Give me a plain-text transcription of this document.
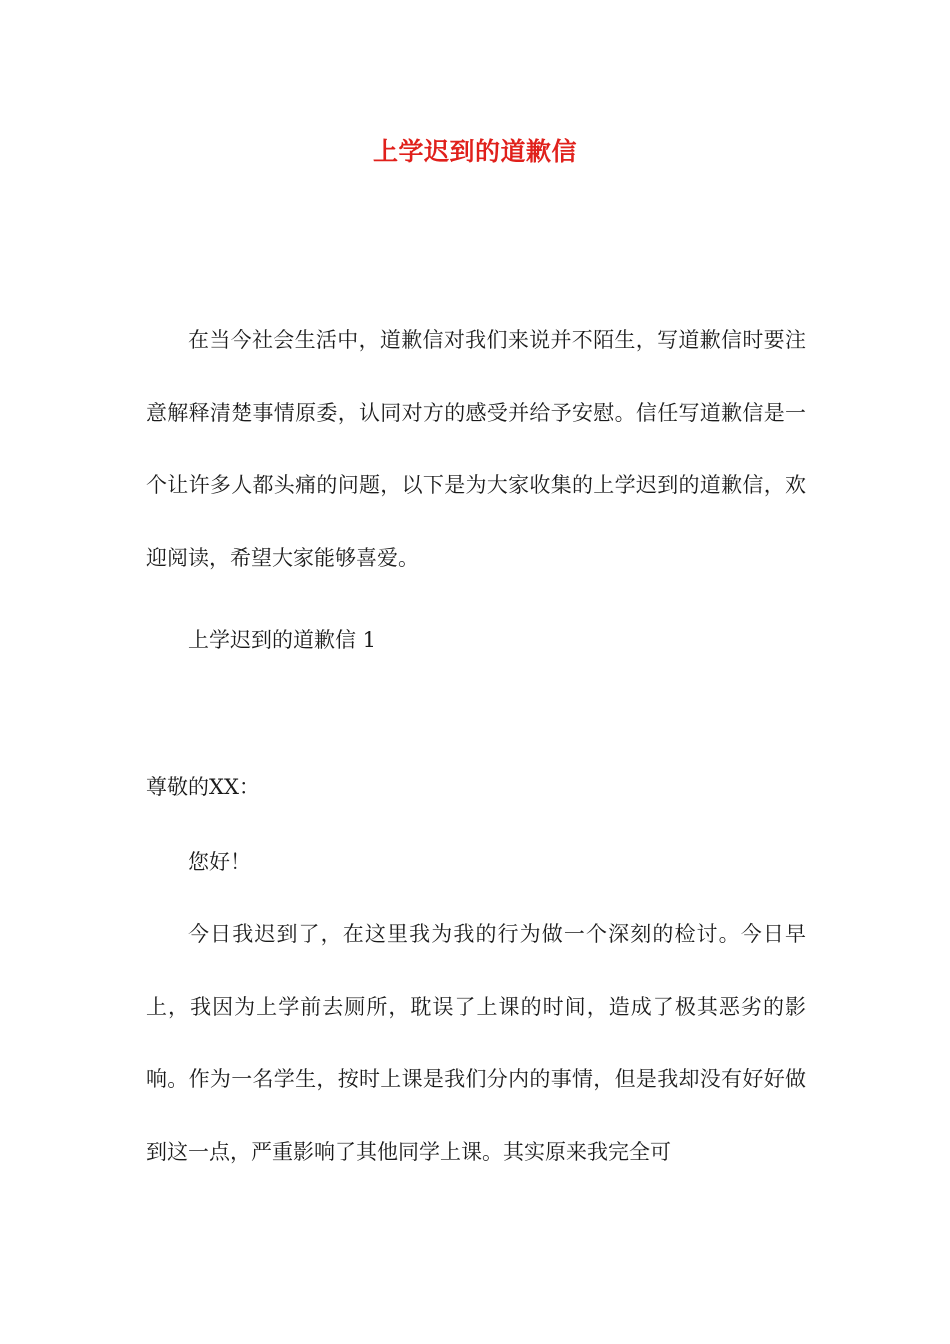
上学迟到的道歉信

在当今社会生活中，道歉信对我们来说并不陌生，写道歉信时要注意解释清楚事情原委，认同对方的感受并给予安慰。信任写道歉信是一个让许多人都头痛的问题，以下是为大家收集的上学迟到的道歉信，欢迎阅读，希望大家能够喜爱。

上学迟到的道歉信 1

尊敬的XX：

您好！

今日我迟到了，在这里我为我的行为做一个深刻的检讨。今日早上，我因为上学前去厕所，耽误了上课的时间，造成了极其恶劣的影响。作为一名学生，按时上课是我们分内的事情，但是我却没有好好做到这一点，严重影响了其他同学上课。其实原来我完全可
